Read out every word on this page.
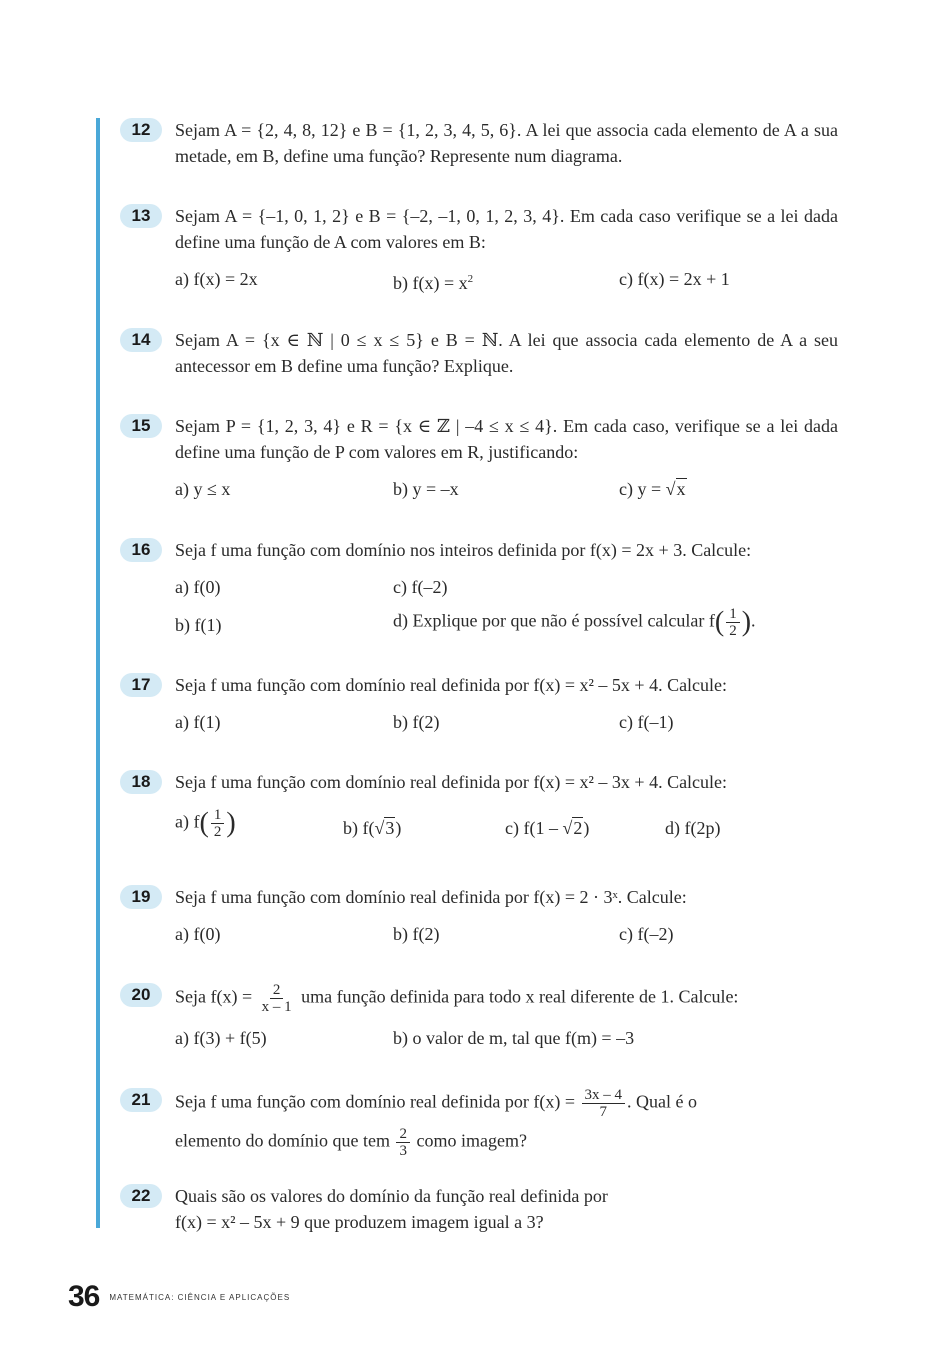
12	Sejam A = {2, 4, 8, 12} e B = {1, 2, 3, 4, 5, 6}. A lei que associa cada elemento de A a sua metade, em B, define uma função? Represente num diagrama.
13	Sejam A = {–1, 0, 1, 2} e B = {–2, –1, 0, 1, 2, 3, 4}. Em cada caso verifique se a lei dada define uma função de A com valores em B:
a) f(x) = 2x	b) $f(x) = x^2$	c) f(x) = 2x + 1
14	Sejam A = {x ∈ ℕ | 0 ≤ x ≤ 5} e B = ℕ. A lei que associa cada elemento de A a seu antecessor em B define uma função? Explique.
15	Sejam P = {1, 2, 3, 4} e R = {x ∈ ℤ | –4 ≤ x ≤ 4}. Em cada caso, verifique se a lei dada define uma função de P com valores em R, justificando:
a) y ≤ x	b) y = –x	c) y = √x
16	Seja f uma função com domínio nos inteiros definida por f(x) = 2x + 3. Calcule:
a) f(0)	c) f(–2)
b) f(1)	d) Explique por que não é possível calcular $f( \frac{1}{2}$ ).
17	Seja f uma função com domínio real definida por f(x) = x² – 5x + 4. Calcule:
a) f(1)	b) f(2)	c) f(–1)
18	Seja f uma função com domínio real definida por f(x) = x² – 3x + 4. Calcule:
a) $f( \frac{1}{2}$ )	b) f(√3)	c) f(1 – √2)	d) f(2p)
19	Seja f uma função com domínio real definida por f(x) = 2 · 3ˣ. Calcule:
a) f(0)	b) f(2)	c) f(–2)
20	Seja $f(x) = \frac{2}{x - 1}$ uma função definida para todo x real diferente de 1. Calcule:
a) f(3) + f(5)	b) o valor de m, tal que f(m) = –3
21	Seja f uma função com domínio real definida por $f(x) = \frac{3x - 4}{7}$ . Qual é o
elemento do domínio que tem $\frac{2}{3}$ como imagem?
22	Quais são os valores do domínio da função real definida por
f(x) = x² – 5x + 9 que produzem imagem igual a 3?
36 $^{MATEMÁTICA: CIÊNCIA E APLICAÇÕES}$
